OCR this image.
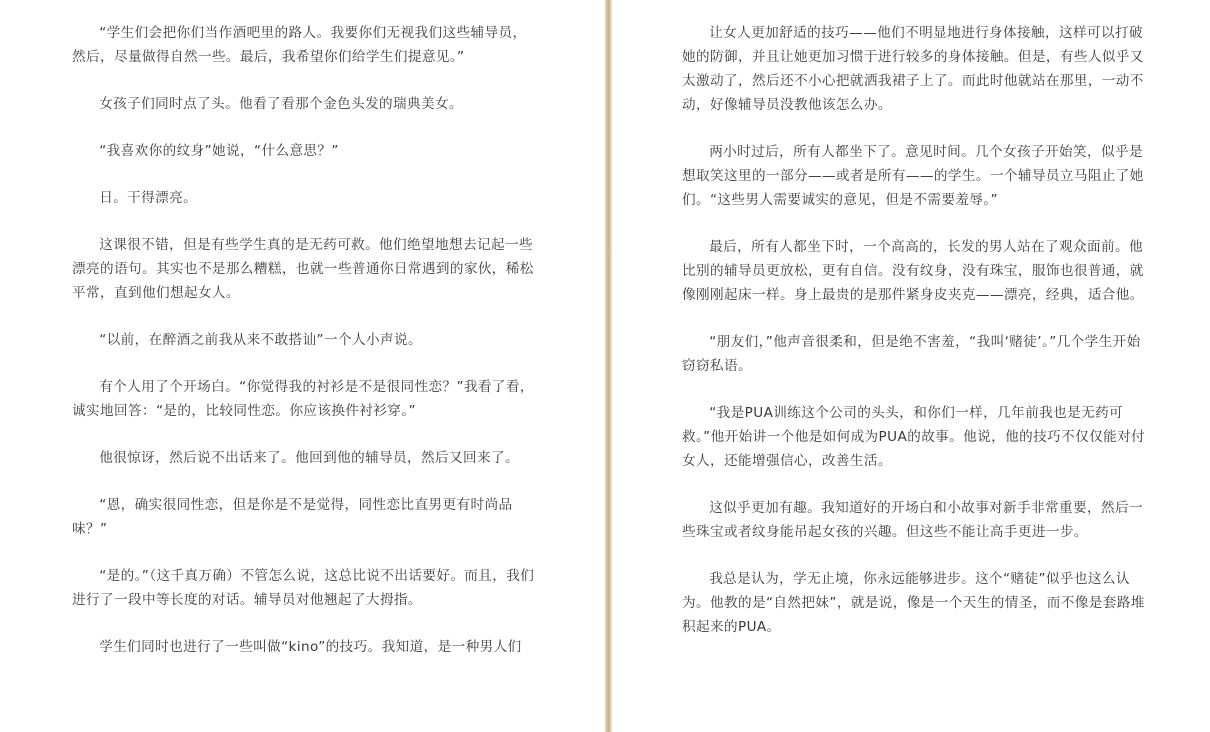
“学生们会把你们当作酒吧里的路人。我要你们无视我们这些辅导员，然后，尽量做得自然一些。最后，我希望你们给学生们提意见。”

女孩子们同时点了头。他看了看那个金色头发的瑞典美女。

“我喜欢你的纹身”她说，“什么意思？”

日。干得漂亮。

这课很不错，但是有些学生真的是无药可救。他们绝望地想去记起一些漂亮的语句。其实也不是那么糟糕，也就一些普通你日常遇到的家伙，稀松平常，直到他们想起女人。

“以前，在醉酒之前我从来不敢搭讪”一个人小声说。

有个人用了个开场白。“你觉得我的衬衫是不是很同性恋？”我看了看，诚实地回答：“是的，比较同性恋。你应该换件衬衫穿。”

他很惊讶，然后说不出话来了。他回到他的辅导员，然后又回来了。

“恩，确实很同性恋，但是你是不是觉得，同性恋比直男更有时尚品味？”

“是的。”（这千真万确）不管怎么说，这总比说不出话要好。而且，我们进行了一段中等长度的对话。辅导员对他翘起了大拇指。

学生们同时也进行了一些叫做“kino”的技巧。我知道，是一种男人们

让女人更加舒适的技巧——他们不明显地进行身体接触，这样可以打破她的防御，并且让她更加习惯于进行较多的身体接触。但是，有些人似乎又太激动了，然后还不小心把就洒我裙子上了。而此时他就站在那里，一动不动，好像辅导员没教他该怎么办。

两小时过后，所有人都坐下了。意见时间。几个女孩子开始笑，似乎是想取笑这里的一部分——或者是所有——的学生。一个辅导员立马阻止了她们。“这些男人需要诚实的意见，但是不需要羞辱。”

最后，所有人都坐下时，一个高高的，长发的男人站在了观众面前。他比别的辅导员更放松，更有自信。没有纹身，没有珠宝，服饰也很普通，就像刚刚起床一样。身上最贵的是那件紧身皮夹克——漂亮，经典，适合他。

“朋友们，”他声音很柔和，但是绝不害羞，“我叫‘赌徒’。”几个学生开始窃窃私语。

“我是PUA训练这个公司的头头，和你们一样，几年前我也是无药可救。”他开始讲一个他是如何成为PUA的故事。他说，他的技巧不仅仅能对付女人，还能增强信心，改善生活。

这似乎更加有趣。我知道好的开场白和小故事对新手非常重要，然后一些珠宝或者纹身能吊起女孩的兴趣。但这些不能让高手更进一步。

我总是认为，学无止境，你永远能够进步。这个“赌徒”似乎也这么认为。他教的是“自然把妹”，就是说，像是一个天生的情圣，而不像是套路堆积起来的PUA。
